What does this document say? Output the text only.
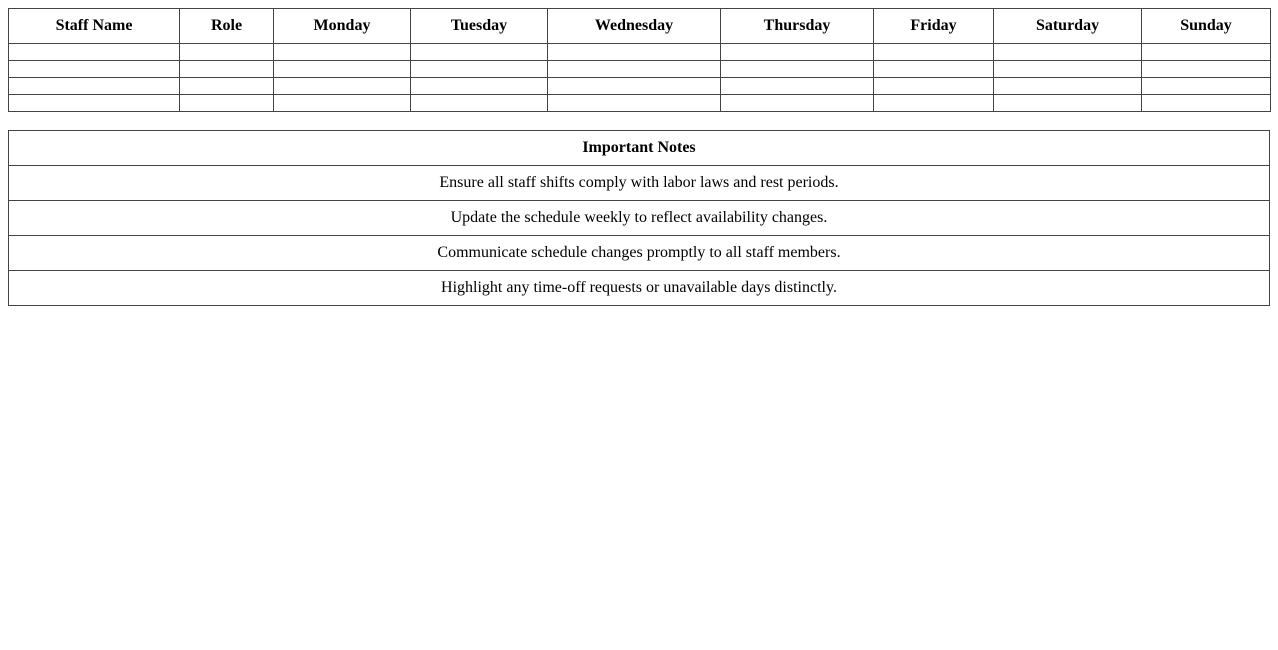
Staff Name	Role	Monday	Tuesday	Wednesday	Thursday	Friday	Saturday	Sunday

Important Notes
Ensure all staff shifts comply with labor laws and rest periods.
Update the schedule weekly to reflect availability changes.
Communicate schedule changes promptly to all staff members.
Highlight any time-off requests or unavailable days distinctly.
